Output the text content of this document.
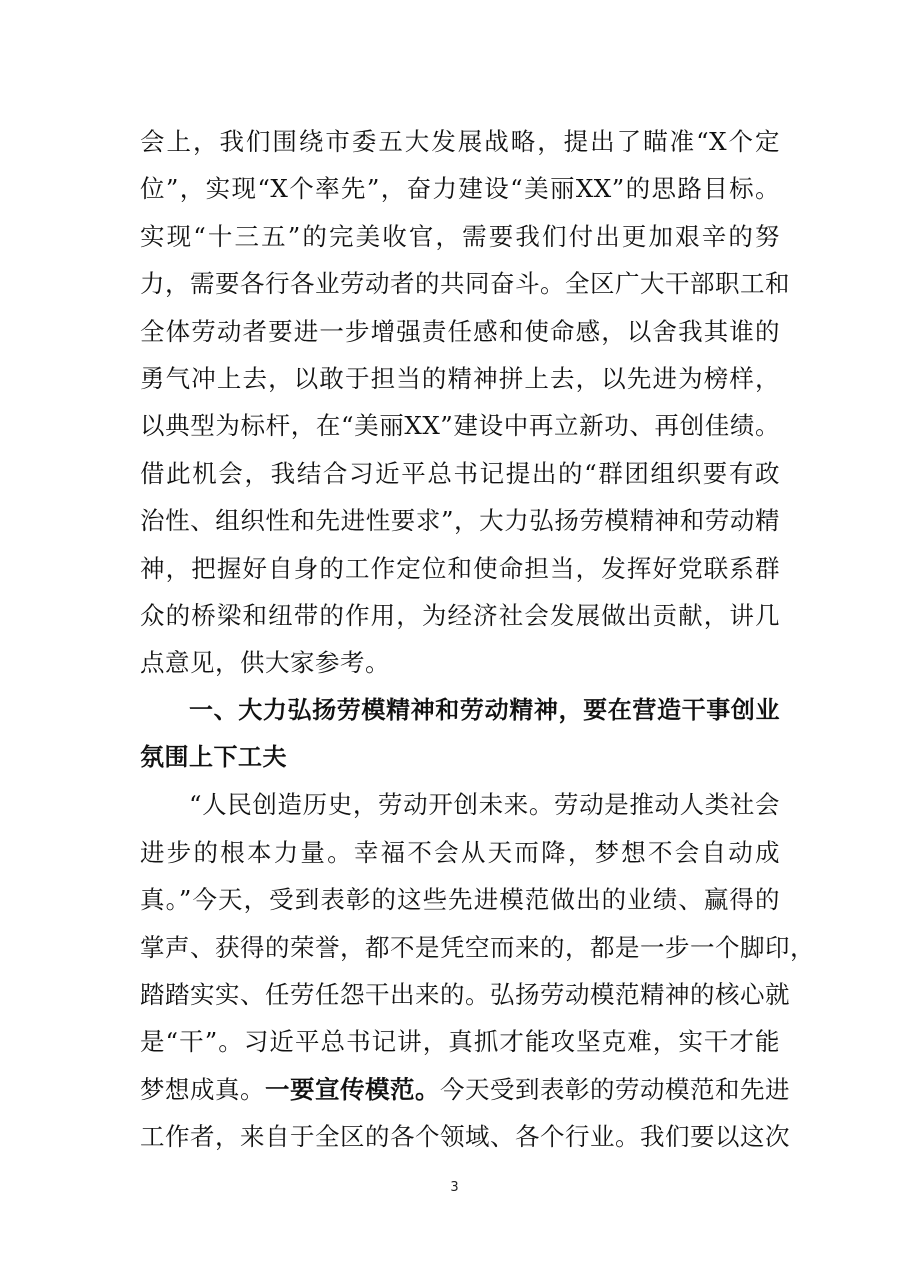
会上，我们围绕市委五大发展战略，提出了瞄准“X个定
位”，实现“X个率先”，奋力建设“美丽XX”的思路目标。
实现“十三五”的完美收官，需要我们付出更加艰辛的努
力，需要各行各业劳动者的共同奋斗。全区广大干部职工和
全体劳动者要进一步增强责任感和使命感，以舍我其谁的
勇气冲上去，以敢于担当的精神拼上去，以先进为榜样，
以典型为标杆，在“美丽XX”建设中再立新功、再创佳绩。
借此机会，我结合习近平总书记提出的“群团组织要有政
治性、组织性和先进性要求”，大力弘扬劳模精神和劳动精
神，把握好自身的工作定位和使命担当，发挥好党联系群
众的桥梁和纽带的作用，为经济社会发展做出贡献，讲几
点意见，供大家参考。
一、大力弘扬劳模精神和劳动精神，要在营造干事创业
氛围上下工夫
“人民创造历史，劳动开创未来。劳动是推动人类社会
进步的根本力量。幸福不会从天而降，梦想不会自动成
真。”今天，受到表彰的这些先进模范做出的业绩、赢得的
掌声、获得的荣誉，都不是凭空而来的，都是一步一个脚印，
踏踏实实、任劳任怨干出来的。弘扬劳动模范精神的核心就
是“干”。习近平总书记讲，真抓才能攻坚克难，实干才能
梦想成真。一要宣传模范。今天受到表彰的劳动模范和先进
工作者，来自于全区的各个领域、各个行业。我们要以这次
3
